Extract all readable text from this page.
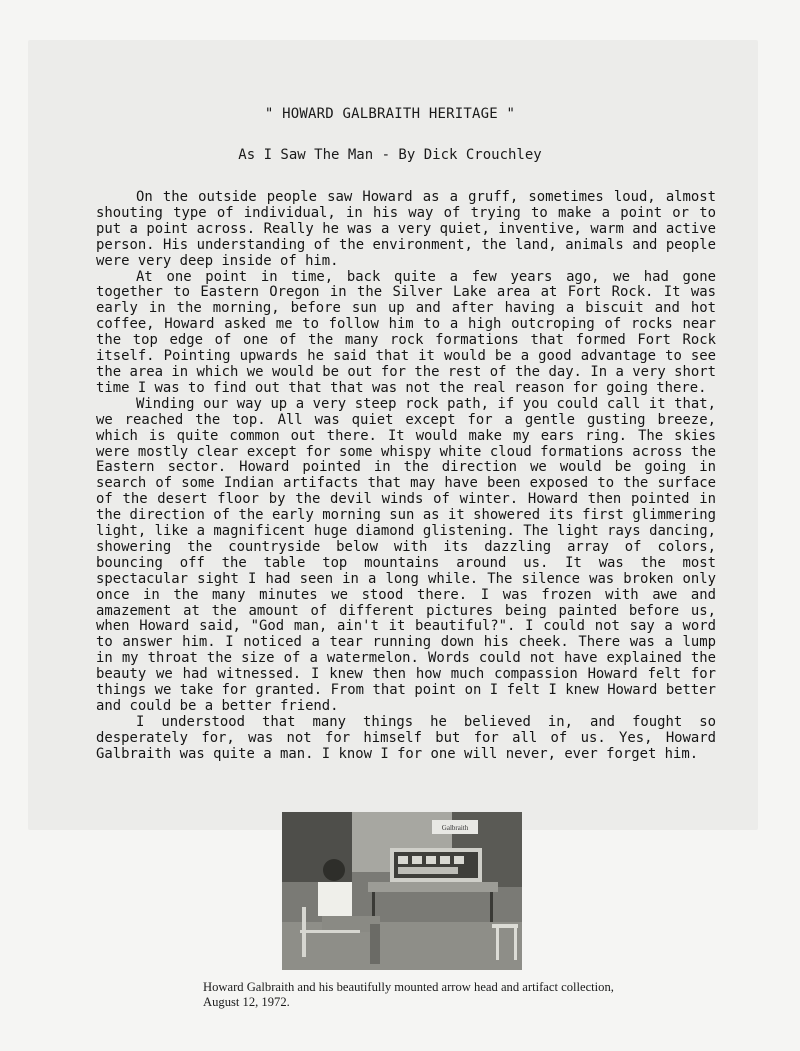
" HOWARD GALBRAITH HERITAGE "
As I Saw The Man - By Dick Crouchley

On the outside people saw Howard as a gruff, sometimes loud, almost shouting type of individual, in his way of trying to make a point or to put a point across. Really he was a very quiet, inventive, warm and active person. His understanding of the environment, the land, animals and people were very deep inside of him.

At one point in time, back quite a few years ago, we had gone together to Eastern Oregon in the Silver Lake area at Fort Rock. It was early in the morning, before sun up and after having a biscuit and hot coffee, Howard asked me to follow him to a high outcroping of rocks near the top edge of one of the many rock formations that formed Fort Rock itself. Pointing upwards he said that it would be a good advantage to see the area in which we would be out for the rest of the day. In a very short time I was to find out that that was not the real reason for going there.

Winding our way up a very steep rock path, if you could call it that, we reached the top. All was quiet except for a gentle gusting breeze, which is quite common out there. It would make my ears ring. The skies were mostly clear except for some whispy white cloud formations across the Eastern sector. Howard pointed in the direction we would be going in search of some Indian artifacts that may have been exposed to the surface of the desert floor by the devil winds of winter. Howard then pointed in the direction of the early morning sun as it showered its first glimmering light, like a magnificent huge diamond glistening. The light rays dancing, showering the countryside below with its dazzling array of colors, bouncing off the table top mountains around us. It was the most spectacular sight I had seen in a long while. The silence was broken only once in the many minutes we stood there. I was frozen with awe and amazement at the amount of different pictures being painted before us, when Howard said, "God man, ain't it beautiful?". I could not say a word to answer him. I noticed a tear running down his cheek. There was a lump in my throat the size of a watermelon. Words could not have explained the beauty we had witnessed. I knew then how much compassion Howard felt for things we take for granted. From that point on I felt I knew Howard better and could be a better friend.

I understood that many things he believed in, and fought so desperately for, was not for himself but for all of us. Yes, Howard Galbraith was quite a man. I know I for one will never, ever forget him.

Galbraith
Howard Galbraith and his beautifully mounted arrow head and artifact collection, August 12, 1972.
